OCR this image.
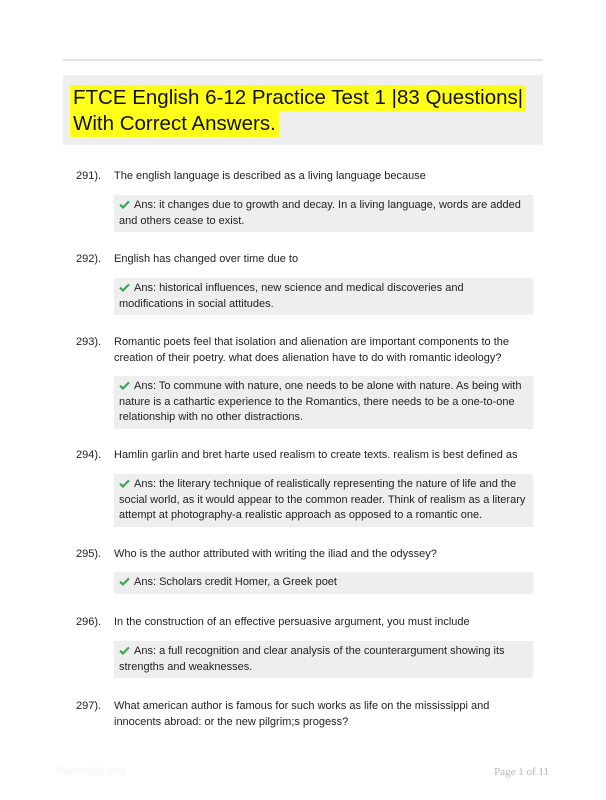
FTCE English 6-12 Practice Test 1 |83 Questions| With Correct Answers.
291). The english language is described as a living language because
Ans: it changes due to growth and decay. In a living language, words are added and others cease to exist.
292). English has changed over time due to
Ans: historical influences, new science and medical discoveries and modifications in social attitudes.
293). Romantic poets feel that isolation and alienation are important components to the creation of their poetry. what does alienation have to do with romantic ideology?
Ans: To commune with nature, one needs to be alone with nature. As being with nature is a cathartic experience to the Romantics, there needs to be a one-to-one relationship with no other distractions.
294). Hamlin garlin and bret harte used realism to create texts. realism is best defined as
Ans: the literary technique of realistically representing the nature of life and the social world, as it would appear to the common reader. Think of realism as a literary attempt at photography-a realistic approach as opposed to a romantic one.
295). Who is the author attributed with writing the iliad and the odyssey?
Ans: Scholars credit Homer, a Greek poet
296). In the construction of an effective persuasive argument, you must include
Ans: a full recognition and clear analysis of the counterargument showing its strengths and weaknesses.
297). What american author is famous for such works as life on the mississippi and innocents abroad: or the new pilgrim;s progess?
PaperHelp.com	Page 1 of 11
